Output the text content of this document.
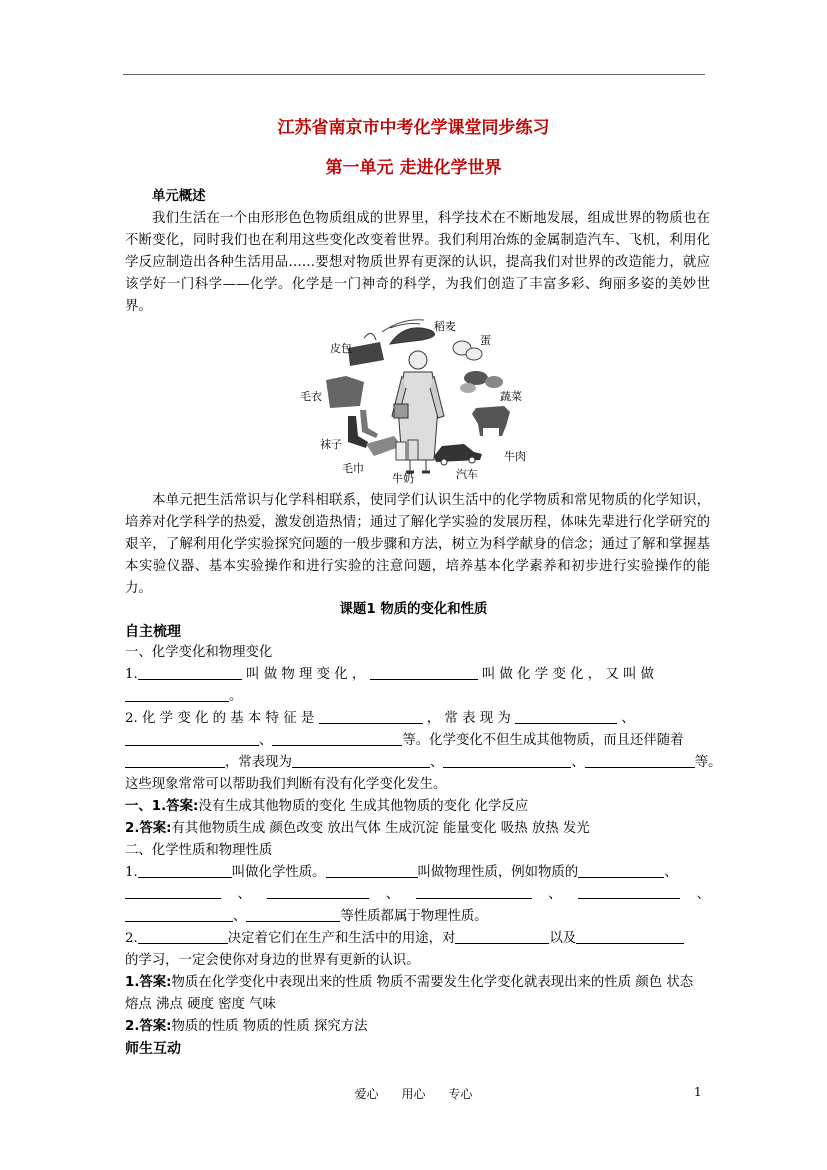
江苏省南京市中考化学课堂同步练习
第一单元 走进化学世界
单元概述

我们生活在一个由形形色色物质组成的世界里，科学技术在不断地发展，组成世界的物质也在不断变化，同时我们也在利用这些变化改变着世界。我们利用冶炼的金属制造汽车、飞机，利用化学反应制造出各种生活用品……要想对物质世界有更深的认识，提高我们对世界的改造能力，就应该学好一门科学——化学。化学是一门神奇的科学，为我们创造了丰富多彩、绚丽多姿的美妙世界。

皮包
稻麦
蛋
毛衣	蔬菜
袜子
牛肉
毛巾
牛奶	汽车

本单元把生活常识与化学科相联系，使同学们认识生活中的化学物质和常见物质的化学知识，培养对化学科学的热爱，激发创造热情；通过了解化学实验的发展历程，体味先辈进行化学研究的艰辛，了解利用化学实验探究问题的一般步骤和方法，树立为科学献身的信念；通过了解和掌握基本实验仪器、基本实验操作和进行实验的注意问题，培养基本化学素养和初步进行实验操作的能力。

课题1 物质的变化和性质
自主梳理
一、化学变化和物理变化
1.	叫 做 物 理 变 化 ，	叫 做 化 学 变 化 ， 又 叫 做
。
2. 化 学 变 化 的 基 本 特 征 是	， 常 表 现 为	、
、	等。化学变化不但生成其他物质，而且还伴随着
，常表现为	、	、	等。
这些现象常常可以帮助我们判断有没有化学变化发生。
一、1.答案:没有生成其他物质的变化 生成其他物质的变化 化学反应
2.答案:有其他物质生成 颜色改变 放出气体 生成沉淀 能量变化 吸热 放热 发光
二、化学性质和物理性质
1.	叫做化学性质。	叫做物理性质，例如物质的	、
、	、	、	、
、	等性质都属于物理性质。
2.	决定着它们在生产和生活中的用途，对	以及
的学习，一定会使你对身边的世界有更新的认识。
1.答案:物质在化学变化中表现出来的性质 物质不需要发生化学变化就表现出来的性质 颜色 状态 熔点 沸点 硬度 密度 气味
2.答案:物质的性质 物质的性质 探究方法
师生互动
爱心      用心      专心	1
